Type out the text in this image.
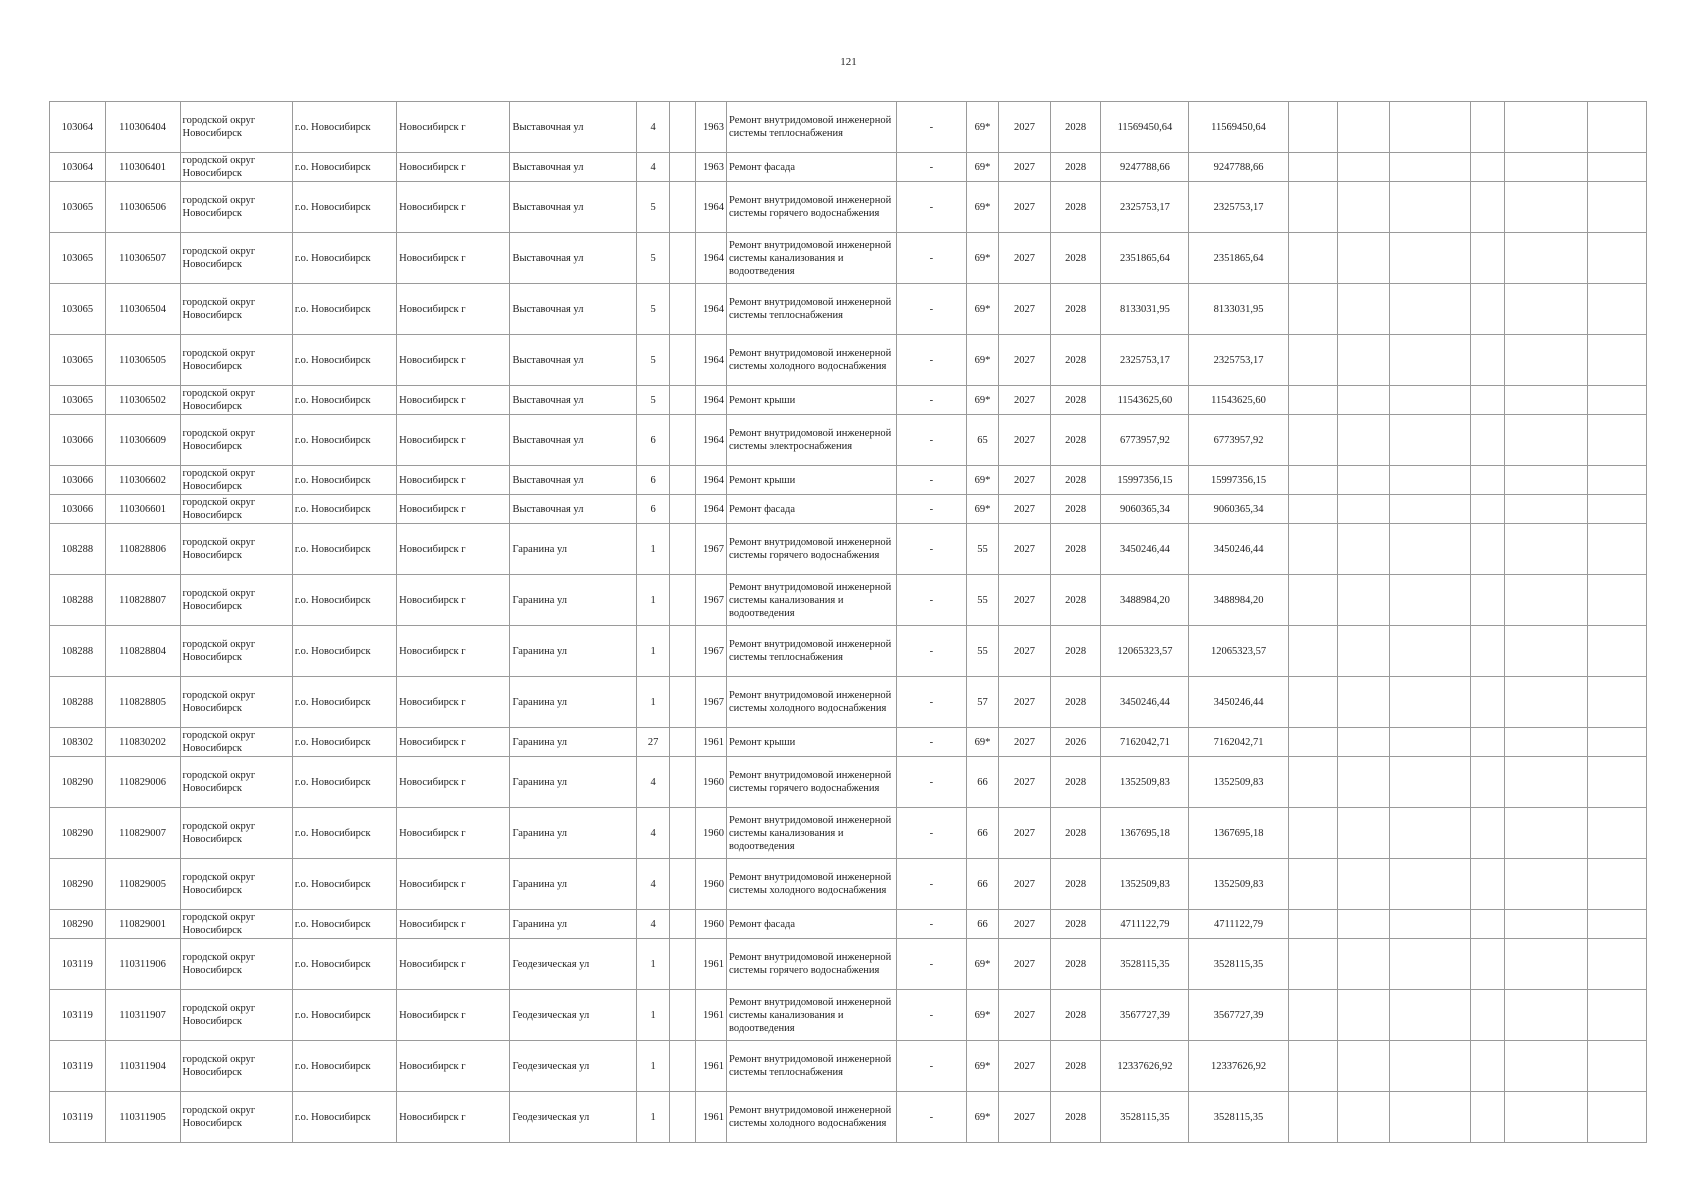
121
103064	110306404	городской округ Новосибирск	г.о. Новосибирск	Новосибирск г	Выставочная ул	4		1963	Ремонт внутридомовой инженерной системы теплоснабжения	-	69*	2027	2028	11569450,64	11569450,64						
103064	110306401	городской округ Новосибирск	г.о. Новосибирск	Новосибирск г	Выставочная ул	4		1963	Ремонт фасада	-	69*	2027	2028	9247788,66	9247788,66						
103065	110306506	городской округ Новосибирск	г.о. Новосибирск	Новосибирск г	Выставочная ул	5		1964	Ремонт внутридомовой инженерной системы горячего водоснабжения	-	69*	2027	2028	2325753,17	2325753,17						
103065	110306507	городской округ Новосибирск	г.о. Новосибирск	Новосибирск г	Выставочная ул	5		1964	Ремонт внутридомовой инженерной системы канализования и водоотведения	-	69*	2027	2028	2351865,64	2351865,64						
103065	110306504	городской округ Новосибирск	г.о. Новосибирск	Новосибирск г	Выставочная ул	5		1964	Ремонт внутридомовой инженерной системы теплоснабжения	-	69*	2027	2028	8133031,95	8133031,95						
103065	110306505	городской округ Новосибирск	г.о. Новосибирск	Новосибирск г	Выставочная ул	5		1964	Ремонт внутридомовой инженерной системы холодного водоснабжения	-	69*	2027	2028	2325753,17	2325753,17						
103065	110306502	городской округ Новосибирск	г.о. Новосибирск	Новосибирск г	Выставочная ул	5		1964	Ремонт крыши	-	69*	2027	2028	11543625,60	11543625,60						
103066	110306609	городской округ Новосибирск	г.о. Новосибирск	Новосибирск г	Выставочная ул	6		1964	Ремонт внутридомовой инженерной системы электроснабжения	-	65	2027	2028	6773957,92	6773957,92						
103066	110306602	городской округ Новосибирск	г.о. Новосибирск	Новосибирск г	Выставочная ул	6		1964	Ремонт крыши	-	69*	2027	2028	15997356,15	15997356,15						
103066	110306601	городской округ Новосибирск	г.о. Новосибирск	Новосибирск г	Выставочная ул	6		1964	Ремонт фасада	-	69*	2027	2028	9060365,34	9060365,34						
108288	110828806	городской округ Новосибирск	г.о. Новосибирск	Новосибирск г	Гаранина ул	1		1967	Ремонт внутридомовой инженерной системы горячего водоснабжения	-	55	2027	2028	3450246,44	3450246,44						
108288	110828807	городской округ Новосибирск	г.о. Новосибирск	Новосибирск г	Гаранина ул	1		1967	Ремонт внутридомовой инженерной системы канализования и водоотведения	-	55	2027	2028	3488984,20	3488984,20						
108288	110828804	городской округ Новосибирск	г.о. Новосибирск	Новосибирск г	Гаранина ул	1		1967	Ремонт внутридомовой инженерной системы теплоснабжения	-	55	2027	2028	12065323,57	12065323,57						
108288	110828805	городской округ Новосибирск	г.о. Новосибирск	Новосибирск г	Гаранина ул	1		1967	Ремонт внутридомовой инженерной системы холодного водоснабжения	-	57	2027	2028	3450246,44	3450246,44						
108302	110830202	городской округ Новосибирск	г.о. Новосибирск	Новосибирск г	Гаранина ул	27		1961	Ремонт крыши	-	69*	2027	2026	7162042,71	7162042,71						
108290	110829006	городской округ Новосибирск	г.о. Новосибирск	Новосибирск г	Гаранина ул	4		1960	Ремонт внутридомовой инженерной системы горячего водоснабжения	-	66	2027	2028	1352509,83	1352509,83						
108290	110829007	городской округ Новосибирск	г.о. Новосибирск	Новосибирск г	Гаранина ул	4		1960	Ремонт внутридомовой инженерной системы канализования и водоотведения	-	66	2027	2028	1367695,18	1367695,18						
108290	110829005	городской округ Новосибирск	г.о. Новосибирск	Новосибирск г	Гаранина ул	4		1960	Ремонт внутридомовой инженерной системы холодного водоснабжения	-	66	2027	2028	1352509,83	1352509,83						
108290	110829001	городской округ Новосибирск	г.о. Новосибирск	Новосибирск г	Гаранина ул	4		1960	Ремонт фасада	-	66	2027	2028	4711122,79	4711122,79						
103119	110311906	городской округ Новосибирск	г.о. Новосибирск	Новосибирск г	Геодезическая ул	1		1961	Ремонт внутридомовой инженерной системы горячего водоснабжения	-	69*	2027	2028	3528115,35	3528115,35						
103119	110311907	городской округ Новосибирск	г.о. Новосибирск	Новосибирск г	Геодезическая ул	1		1961	Ремонт внутридомовой инженерной системы канализования и водоотведения	-	69*	2027	2028	3567727,39	3567727,39						
103119	110311904	городской округ Новосибирск	г.о. Новосибирск	Новосибирск г	Геодезическая ул	1		1961	Ремонт внутридомовой инженерной системы теплоснабжения	-	69*	2027	2028	12337626,92	12337626,92						
103119	110311905	городской округ Новосибирск	г.о. Новосибирск	Новосибирск г	Геодезическая ул	1		1961	Ремонт внутридомовой инженерной системы холодного водоснабжения	-	69*	2027	2028	3528115,35	3528115,35						
